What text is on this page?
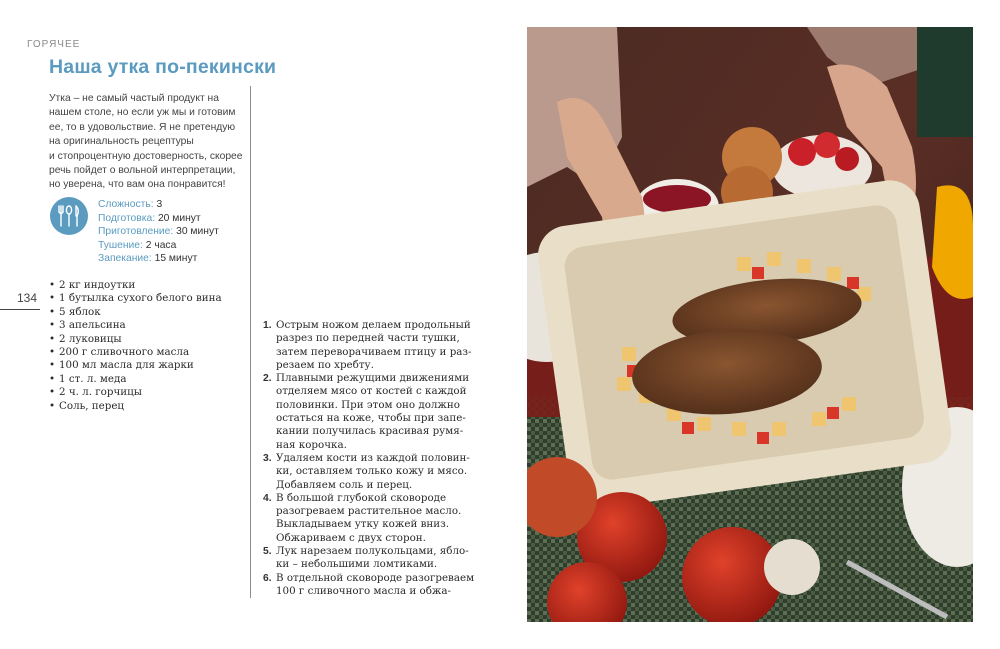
ГОРЯЧЕЕ
Наша утка по-пекински
Утка – не самый частый продукт на
нашем столе, но если уж мы и готовим
ее, то в удовольствие. Я не претендую
на оригинальность рецептуры
и стопроцентную достоверность, скорее
речь пойдет о вольной интерпретации,
но уверена, что вам она понравится!
Сложность: 3
Подготовка: 20 минут
Приготовление: 30 минут
Тушение: 2 часа
Запекание: 15 минут
134
• 2 кг индоутки
• 1 бутылка сухого белого вина
• 5 яблок
• 3 апельсина
• 2 луковицы
• 200 г сливочного масла
• 100 мл масла для жарки
• 1 ст. л. меда
• 2 ч. л. горчицы
• Соль, перец
1. Острым ножом делаем продольный
разрез по передней части тушки,
затем переворачиваем птицу и раз-
резаем по хребту.
2. Плавными режущими движениями
отделяем мясо от костей с каждой
половинки. При этом оно должно
остаться на коже, чтобы при запе-
кании получилась красивая румя-
ная корочка.
3. Удаляем кости из каждой половин-
ки, оставляем только кожу и мясо.
Добавляем соль и перец.
4. В большой глубокой сковороде
разогреваем растительное масло.
Выкладываем утку кожей вниз.
Обжариваем с двух сторон.
5. Лук нарезаем полукольцами, ябло-
ки – небольшими ломтиками.
6. В отдельной сковороде разогреваем
100 г сливочного масла и обжа-
